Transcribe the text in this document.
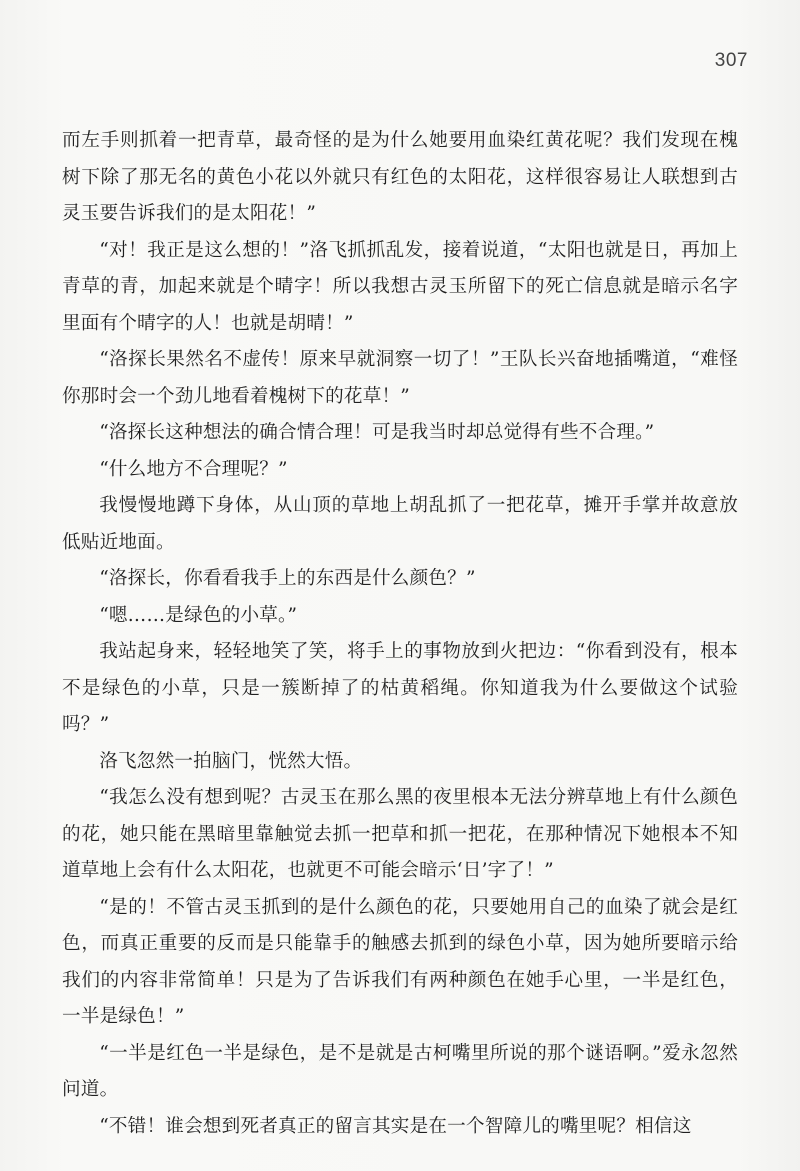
307

而左手则抓着一把青草，最奇怪的是为什么她要用血染红黄花呢？我们发现在槐树下除了那无名的黄色小花以外就只有红色的太阳花，这样很容易让人联想到古灵玉要告诉我们的是太阳花！”

“对！我正是这么想的！”洛飞抓抓乱发，接着说道，“太阳也就是日，再加上青草的青，加起来就是个晴字！所以我想古灵玉所留下的死亡信息就是暗示名字里面有个晴字的人！也就是胡晴！”

“洛探长果然名不虚传！原来早就洞察一切了！”王队长兴奋地插嘴道，“难怪你那时会一个劲儿地看着槐树下的花草！”

“洛探长这种想法的确合情合理！可是我当时却总觉得有些不合理。”

“什么地方不合理呢？”

我慢慢地蹲下身体，从山顶的草地上胡乱抓了一把花草，摊开手掌并故意放低贴近地面。

“洛探长，你看看我手上的东西是什么颜色？”

“嗯……是绿色的小草。”

我站起身来，轻轻地笑了笑，将手上的事物放到火把边：“你看到没有，根本不是绿色的小草，只是一簇断掉了的枯黄稻绳。你知道我为什么要做这个试验吗？”

洛飞忽然一拍脑门，恍然大悟。

“我怎么没有想到呢？古灵玉在那么黑的夜里根本无法分辨草地上有什么颜色的花，她只能在黑暗里靠触觉去抓一把草和抓一把花，在那种情况下她根本不知道草地上会有什么太阳花，也就更不可能会暗示‘日’字了！”

“是的！不管古灵玉抓到的是什么颜色的花，只要她用自己的血染了就会是红色，而真正重要的反而是只能靠手的触感去抓到的绿色小草，因为她所要暗示给我们的内容非常简单！只是为了告诉我们有两种颜色在她手心里，一半是红色，一半是绿色！”

“一半是红色一半是绿色，是不是就是古柯嘴里所说的那个谜语啊。”爱永忽然问道。

“不错！谁会想到死者真正的留言其实是在一个智障儿的嘴里呢？相信这
